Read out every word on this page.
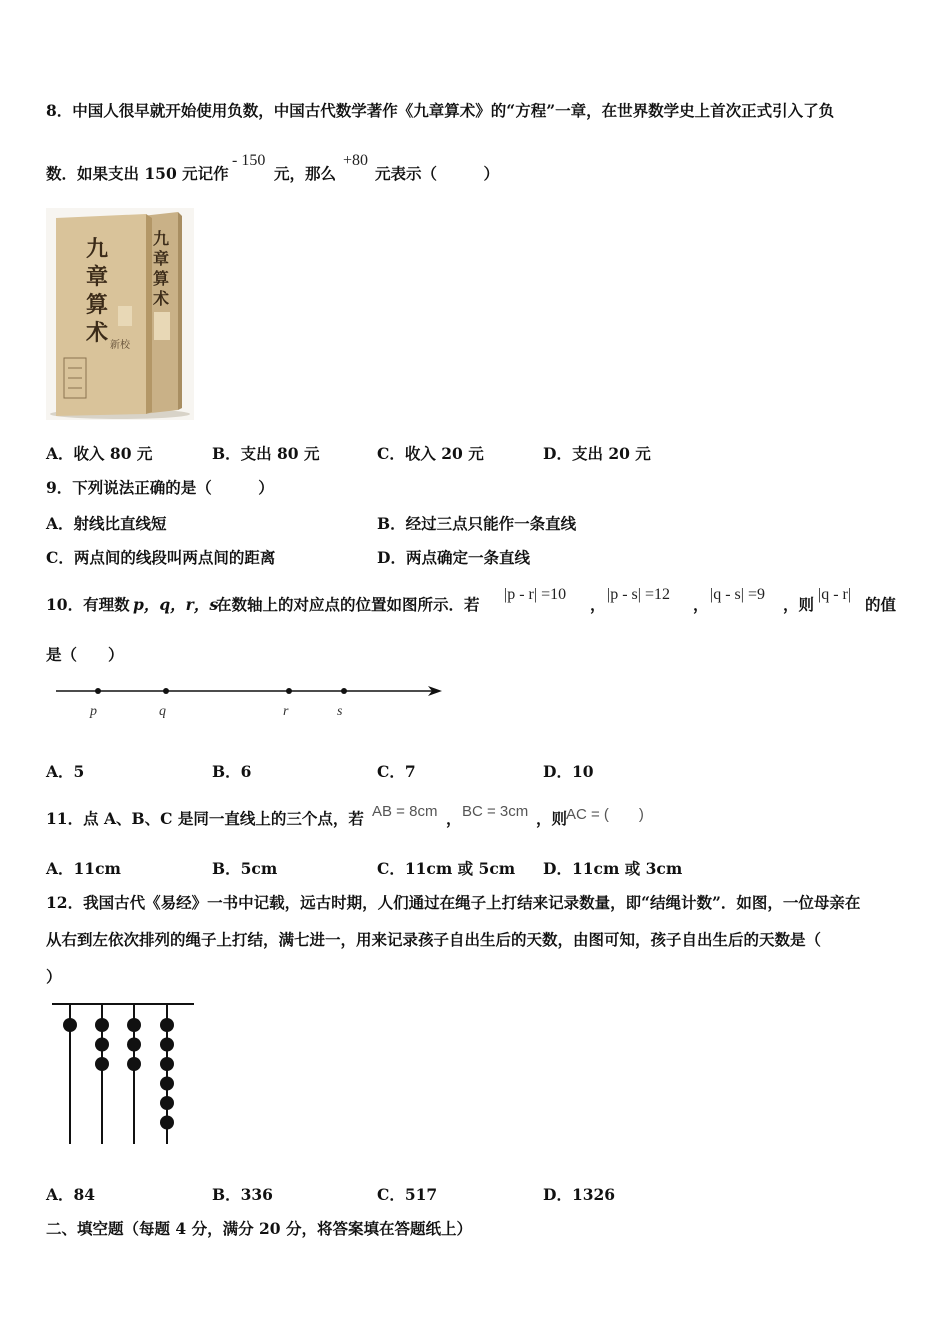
8．中国人很早就开始使用负数，中国古代数学著作《九章算术》的“方程”一章，在世界数学史上首次正式引入了负
数．如果支出 150 元记作
- 150
元，那么
+80
元表示（　　　）
九
章
算
术
新校
九
章
算
术
A．收入 80 元	B．支出 80 元	C．收入 20 元	D．支出 20 元
9．下列说法正确的是（　　　）
A．射线比直线短	B．经过三点只能作一条直线
C．两点间的线段叫两点间的距离	D．两点确定一条直线
10．有理数 p，q，r，s
在数轴上的对应点的位置如图所示．若
|p - r| =10
，
|p - s| =12
，
|q - s| =9
，则
|q - r|
的值
是（　　）
p	q	r	s
A．5	B．6	C．7	D．10
11．点 A、B、C 是同一直线上的三个点，若 AB = 8cm ， BC = 3cm ，则
AC = (　　)
A．11cm	B．5cm	C．11cm 或 5cm D．11cm 或 3cm
12．我国古代《易经》一书中记载，远古时期，人们通过在绳子上打结来记录数量，即“结绳计数”．如图，一位母亲在
从右到左依次排列的绳子上打结，满七进一，用来记录孩子自出生后的天数，由图可知，孩子自出生后的天数是（
）
A．84	B．336	C．517	D．1326
二、填空题（每题 4 分，满分 20 分，将答案填在答题纸上）
